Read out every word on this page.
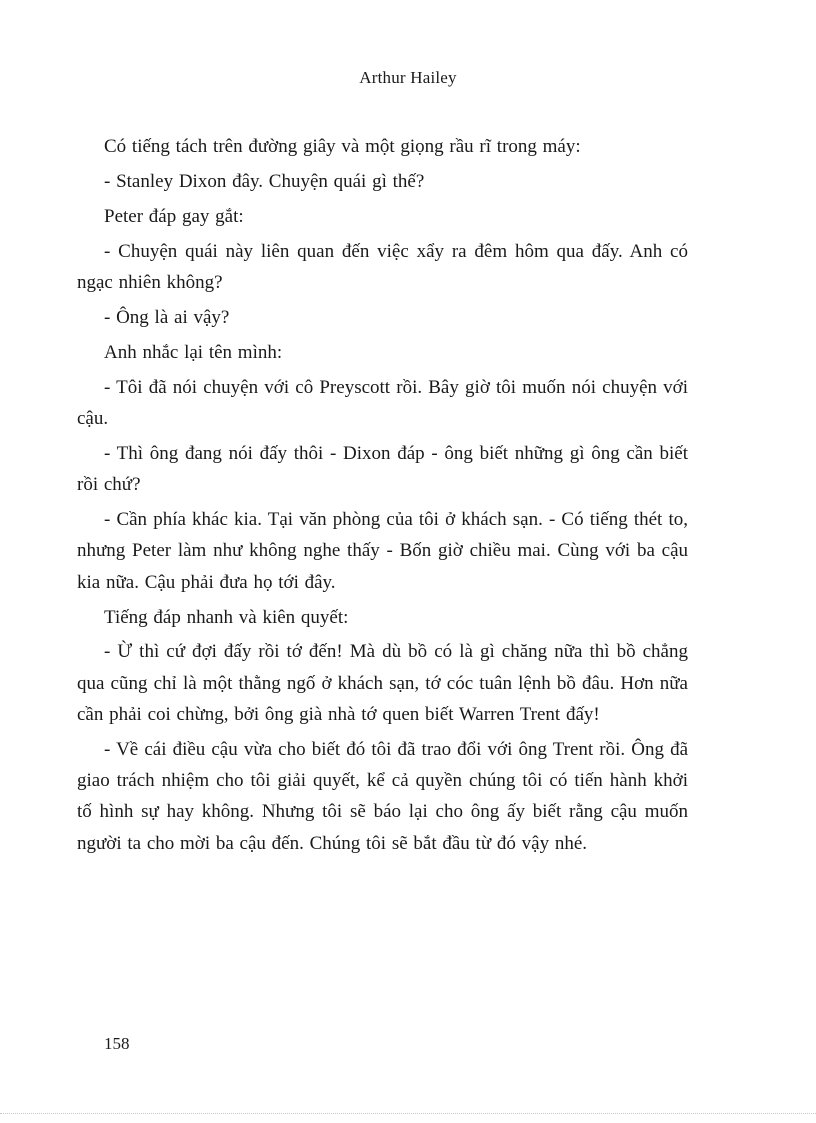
Arthur Hailey

Có tiếng tách trên đường giây và một giọng rầu rĩ trong máy:

- Stanley Dixon đây. Chuyện quái gì thế?

Peter đáp gay gắt:

- Chuyện quái này liên quan đến việc xẩy ra đêm hôm qua đấy. Anh có ngạc nhiên không?

- Ông là ai vậy?

Anh nhắc lại tên mình:

- Tôi đã nói chuyện với cô Preyscott rồi. Bây giờ tôi muốn nói chuyện với cậu.

- Thì ông đang nói đấy thôi - Dixon đáp - ông biết những gì ông cần biết rồi chứ?

- Cần phía khác kia. Tại văn phòng của tôi ở khách sạn. - Có tiếng thét to, nhưng Peter làm như không nghe thấy - Bốn giờ chiều mai. Cùng với ba cậu kia nữa. Cậu phải đưa họ tới đây.

Tiếng đáp nhanh và kiên quyết:

- Ừ thì cứ đợi đấy rồi tớ đến! Mà dù bồ có là gì chăng nữa thì bồ chẳng qua cũng chỉ là một thằng ngố ở khách sạn, tớ cóc tuân lệnh bồ đâu. Hơn nữa cần phải coi chừng, bởi ông già nhà tớ quen biết Warren Trent đấy!

- Về cái điều cậu vừa cho biết đó tôi đã trao đổi với ông Trent rồi. Ông đã giao trách nhiệm cho tôi giải quyết, kể cả quyền chúng tôi có tiến hành khởi tố hình sự hay không. Nhưng tôi sẽ báo lại cho ông ấy biết rằng cậu muốn người ta cho mời ba cậu đến. Chúng tôi sẽ bắt đầu từ đó vậy nhé.

158
